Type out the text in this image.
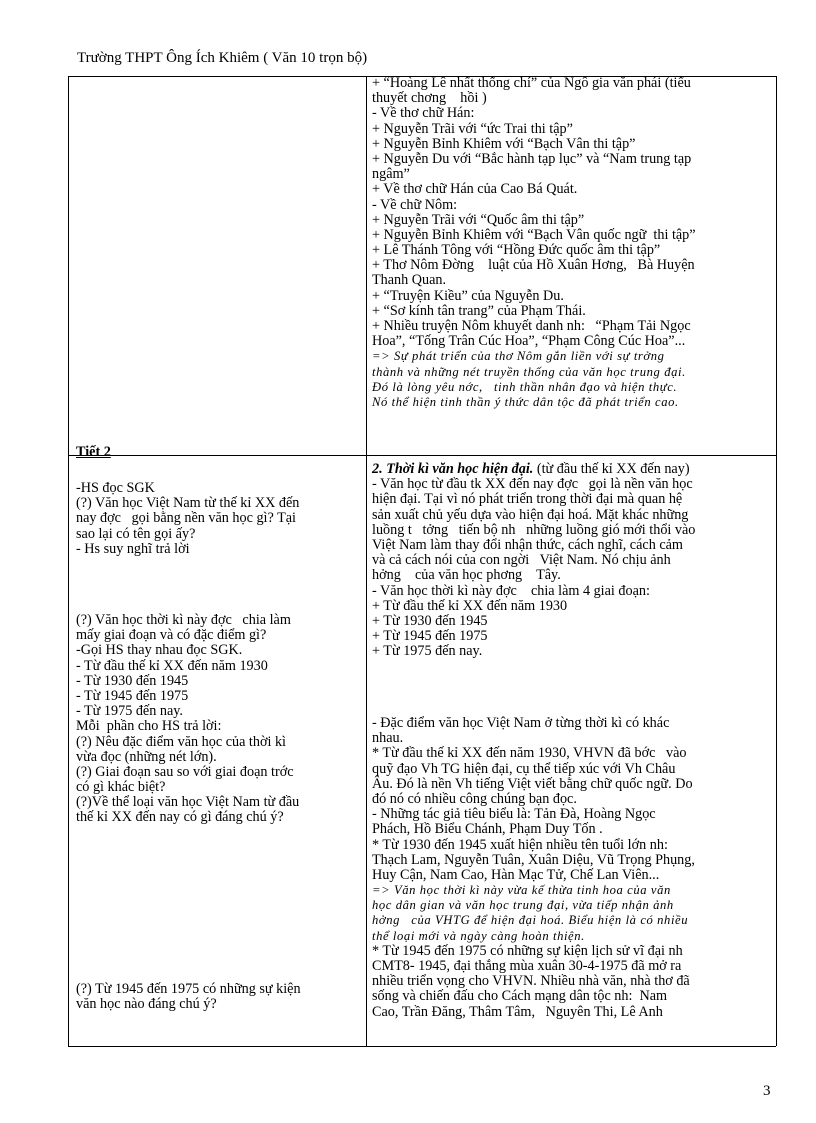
Trường THPT Ông Ích Khiêm ( Văn 10 trọn bộ)
+ “Hoàng Lê nhất thống chí” của Ngô gia văn phái (tiểu
thuyết chơng    hồi )
- Về thơ chữ Hán:
+ Nguyễn Trãi với “ức Trai thi tập”
+ Nguyễn Bỉnh Khiêm với “Bạch Vân thi tập”
+ Nguyễn Du với “Bắc hành tạp lục” và “Nam trung tạp
ngâm”
+ Về thơ chữ Hán của Cao Bá Quát.
- Về chữ Nôm:
+ Nguyễn Trãi với “Quốc âm thi tập”
+ Nguyễn Bỉnh Khiêm với “Bạch Vân quốc ngữ  thi tập”
+ Lê Thánh Tông với “Hồng Đức quốc âm thi tập”
+ Thơ Nôm Đờng    luật của Hồ Xuân Hơng,   Bà Huyện
Thanh Quan.
+ “Truyện Kiều” của Nguyễn Du.
+ “Sơ kính tân trang” của Phạm Thái.
+ Nhiều truyện Nôm khuyết danh nh:   “Phạm Tải Ngọc
Hoa”, “Tống Trân Cúc Hoa”, “Phạm Công Cúc Hoa”...
=> Sự phát triển của thơ Nôm gắn liền với sự trởng
thành và những nét truyền thống của văn học trung đại.
Đó là lòng yêu nớc,   tinh thần nhân đạo và hiện thực.
Nó thể hiện tinh thần ý thức dân tộc đã phát triển cao.
Tiết 2
-HS đọc SGK
(?) Văn học Việt Nam từ thế kỉ XX đến
nay đợc   gọi bằng nền văn học gì? Tại
sao lại có tên gọi ấy?
- Hs suy nghĩ trả lời
(?) Văn học thời kì này đợc   chia làm
mấy giai đoạn và có đặc điểm gì?
-Gọi HS thay nhau đọc SGK.
- Từ đầu thế kỉ XX đến năm 1930
- Từ 1930 đến 1945
- Từ 1945 đến 1975
- Từ 1975 đến nay.
Mỗi  phần cho HS trả lời:
(?) Nêu đặc điểm văn học của thời kì
vừa đọc (những nét lớn).
(?) Giai đoạn sau so với giai đoạn trớc
có gì khác biệt?
(?)Về thể loại văn học Việt Nam từ đầu
thế kỉ XX đến nay có gì đáng chú ý?
(?) Từ 1945 đến 1975 có những sự kiện
văn học nào đáng chú ý?
2. Thời kì văn học hiện đại. (từ đầu thế kỉ XX đến nay)
- Văn học từ đầu tk XX đến nay đợc   gọi là nền văn học
hiện đại. Tại vì nó phát triển trong thời đại mà quan hệ
sản xuất chủ yếu dựa vào hiện đại hoá. Mặt khác những
luồng t   tởng   tiến bộ nh   những luồng gió mới thổi vào
Việt Nam làm thay đổi nhận thức, cách nghĩ, cách cảm
và cả cách nói của con ngời   Việt Nam. Nó chịu ảnh
hởng    của văn học phơng    Tây.
- Văn học thời kì này đợc    chia làm 4 giai đoạn:
+ Từ đầu thế kỉ XX đến năm 1930
+ Từ 1930 đến 1945
+ Từ 1945 đến 1975
+ Từ 1975 đến nay.
- Đặc điểm văn học Việt Nam ở từng thời kì có khác
nhau.
* Từ đầu thế kỉ XX đến năm 1930, VHVN đã bớc   vào
quỹ đạo Vh TG hiện đại, cụ thể tiếp xúc với Vh Châu
Âu. Đó là nền Vh tiếng Việt viết bằng chữ quốc ngữ. Do
đó nó có nhiều công chúng bạn đọc.
- Những tác giả tiêu biểu là: Tản Đà, Hoàng Ngọc
Phách, Hồ Biểu Chánh, Phạm Duy Tốn .
* Từ 1930 đến 1945 xuất hiện nhiều tên tuổi lớn nh:
Thạch Lam, Nguyễn Tuân, Xuân Diệu, Vũ Trọng Phụng,
Huy Cận, Nam Cao, Hàn Mạc Tử, Chế Lan Viên...
=> Văn học thời kì này vừa kế thừa tinh hoa của văn
học dân gian và văn học trung đại, vừa tiếp nhận ảnh
hởng   của VHTG để hiện đại hoá. Biểu hiện là có nhiều
thể loại mới và ngày càng hoàn thiện.
* Từ 1945 đến 1975 có những sự kiện lịch sử vĩ đại nh
CMT8- 1945, đại thắng mùa xuân 30-4-1975 đã mở ra
nhiều triển vọng cho VHVN. Nhiều nhà văn, nhà thơ đã
sống và chiến đấu cho Cách mạng dân tộc nh:  Nam
Cao, Trần Đăng, Thâm Tâm,   Nguyên Thi, Lê Anh
3
